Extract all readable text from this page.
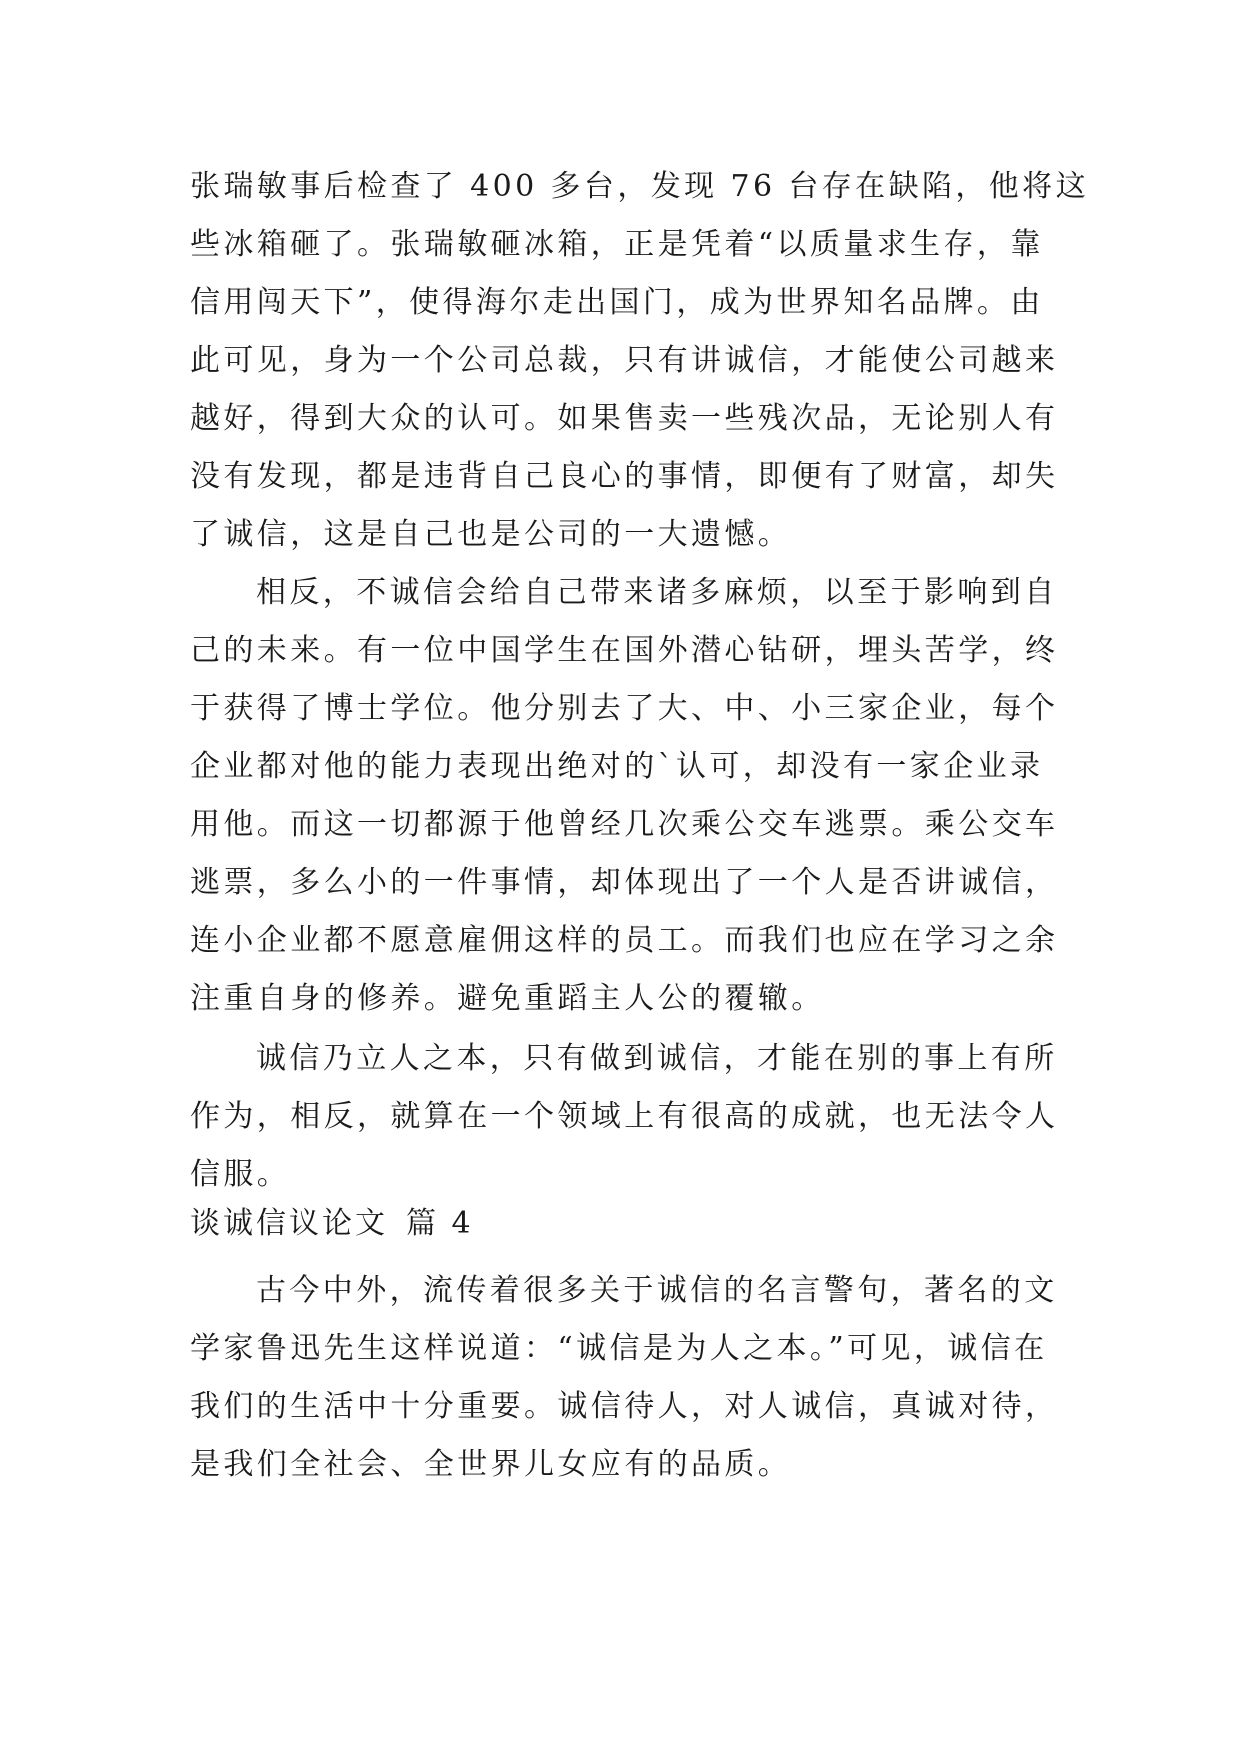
张瑞敏事后检查了 400 多台，发现 76 台存在缺陷，他将这
些冰箱砸了。张瑞敏砸冰箱，正是凭着“以质量求生存，靠
信用闯天下”，使得海尔走出国门，成为世界知名品牌。由
此可见，身为一个公司总裁，只有讲诚信，才能使公司越来
越好，得到大众的认可。如果售卖一些残次品，无论别人有
没有发现，都是违背自己良心的事情，即便有了财富，却失
了诚信，这是自己也是公司的一大遗憾。
相反，不诚信会给自己带来诸多麻烦，以至于影响到自
己的未来。有一位中国学生在国外潜心钻研，埋头苦学，终
于获得了博士学位。他分别去了大、中、小三家企业，每个
企业都对他的能力表现出绝对的`认可，却没有一家企业录
用他。而这一切都源于他曾经几次乘公交车逃票。乘公交车
逃票，多么小的一件事情，却体现出了一个人是否讲诚信，
连小企业都不愿意雇佣这样的员工。而我们也应在学习之余
注重自身的修养。避免重蹈主人公的覆辙。
诚信乃立人之本，只有做到诚信，才能在别的事上有所
作为，相反，就算在一个领域上有很高的成就，也无法令人
信服。
谈诚信议论文 篇 4
古今中外，流传着很多关于诚信的名言警句，著名的文
学家鲁迅先生这样说道：“诚信是为人之本。”可见，诚信在
我们的生活中十分重要。诚信待人，对人诚信，真诚对待，
是我们全社会、全世界儿女应有的品质。
